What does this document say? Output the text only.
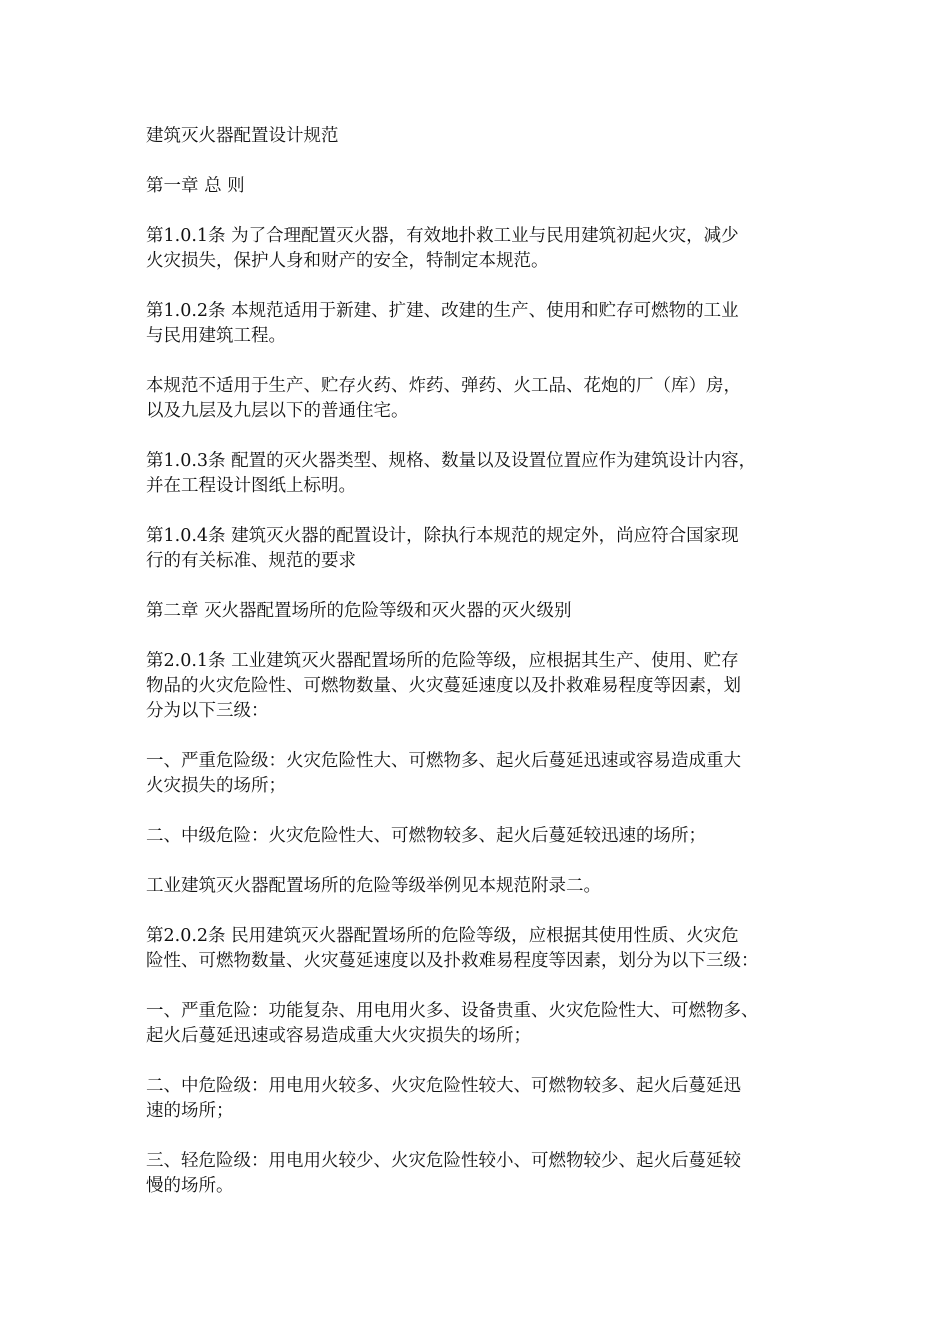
建筑灭火器配置设计规范

第一章 总 则

第1.0.1条 为了合理配置灭火器，有效地扑救工业与民用建筑初起火灾，减少
火灾损失，保护人身和财产的安全，特制定本规范。

第1.0.2条 本规范适用于新建、扩建、改建的生产、使用和贮存可燃物的工业
与民用建筑工程。

本规范不适用于生产、贮存火药、炸药、弹药、火工品、花炮的厂（库）房，
以及九层及九层以下的普通住宅。

第1.0.3条 配置的灭火器类型、规格、数量以及设置位置应作为建筑设计内容，
并在工程设计图纸上标明。

第1.0.4条 建筑灭火器的配置设计，除执行本规范的规定外，尚应符合国家现
行的有关标准、规范的要求

第二章 灭火器配置场所的危险等级和灭火器的灭火级别

第2.0.1条 工业建筑灭火器配置场所的危险等级，应根据其生产、使用、贮存
物品的火灾危险性、可燃物数量、火灾蔓延速度以及扑救难易程度等因素，划
分为以下三级：

一、严重危险级：火灾危险性大、可燃物多、起火后蔓延迅速或容易造成重大
火灾损失的场所；

二、中级危险：火灾危险性大、可燃物较多、起火后蔓延较迅速的场所；

工业建筑灭火器配置场所的危险等级举例见本规范附录二。

第2.0.2条 民用建筑灭火器配置场所的危险等级，应根据其使用性质、火灾危
险性、可燃物数量、火灾蔓延速度以及扑救难易程度等因素，划分为以下三级：

一、严重危险：功能复杂、用电用火多、设备贵重、火灾危险性大、可燃物多、
起火后蔓延迅速或容易造成重大火灾损失的场所；

二、中危险级：用电用火较多、火灾危险性较大、可燃物较多、起火后蔓延迅
速的场所；

三、轻危险级：用电用火较少、火灾危险性较小、可燃物较少、起火后蔓延较
慢的场所。
